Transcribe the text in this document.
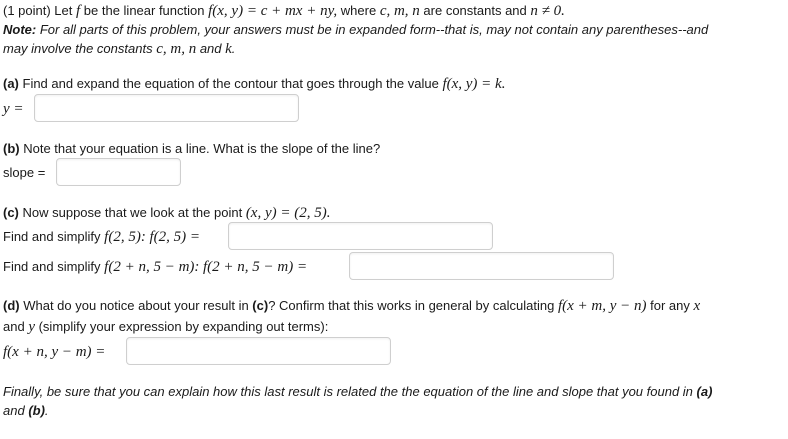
(1 point) Let f be the linear function f(x, y) = c + mx + ny, where c, m, n are constants and n ≠ 0.
Note: For all parts of this problem, your answers must be in expanded form--that is, may not contain any parentheses--and
may involve the constants c, m, n and k.
(a) Find and expand the equation of the contour that goes through the value f(x, y) = k.
y =
(b) Note that your equation is a line. What is the slope of the line?
slope =
(c) Now suppose that we look at the point (x, y) = (2, 5).
Find and simplify f(2, 5): f(2, 5) =
Find and simplify f(2 + n, 5 − m): f(2 + n, 5 − m) =
(d) What do you notice about your result in (c)? Confirm that this works in general by calculating f(x + m, y − n) for any x
and y (simplify your expression by expanding out terms):
f(x + n, y − m) =
Finally, be sure that you can explain how this last result is related the the equation of the line and slope that you found in (a)
and (b).
